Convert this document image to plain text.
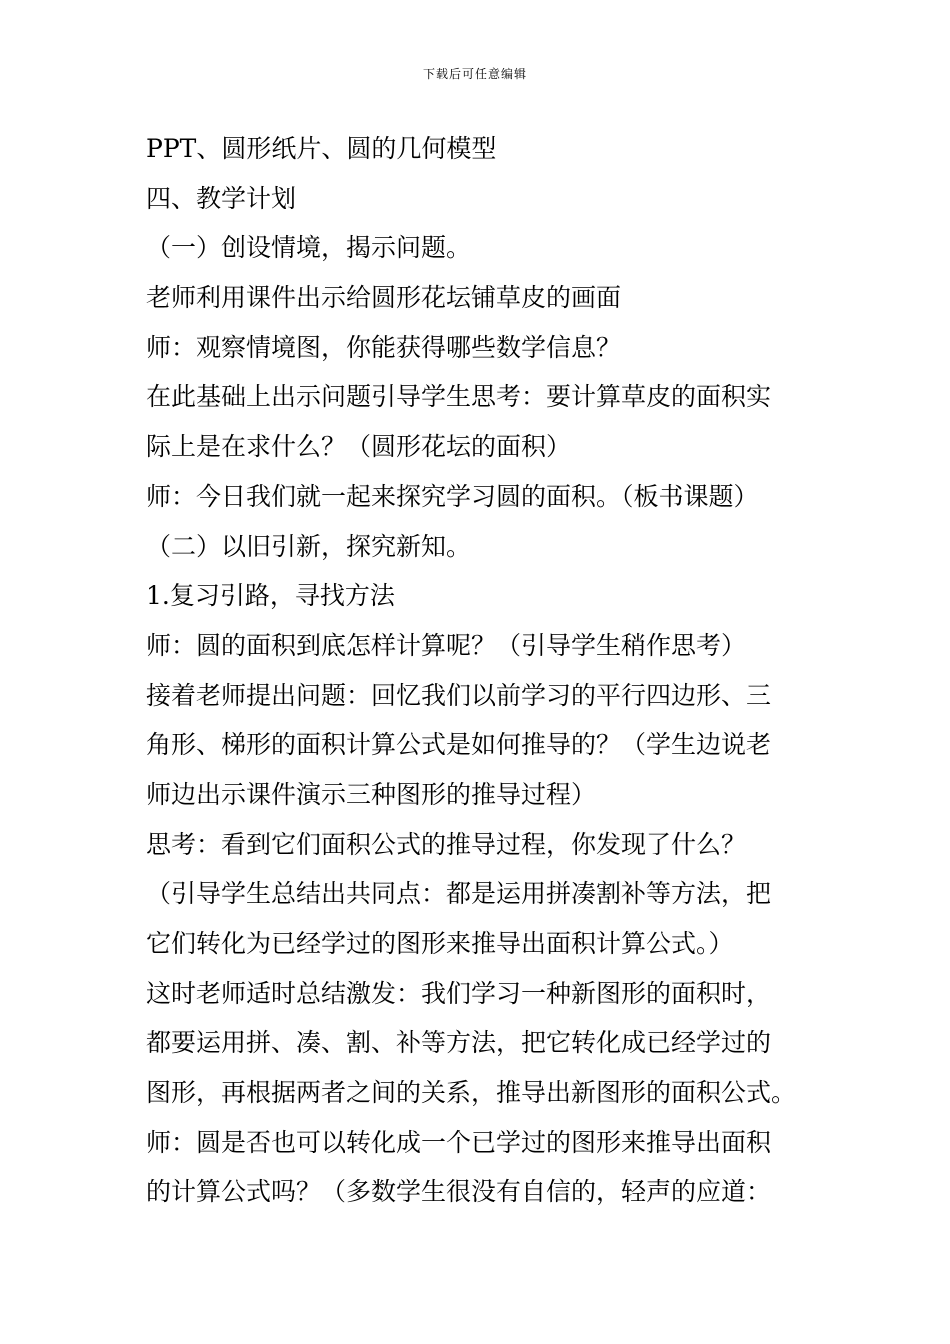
下载后可任意编辑
PPT、圆形纸片、圆的几何模型
四、教学计划
（一）创设情境，揭示问题。
老师利用课件出示给圆形花坛铺草皮的画面
师：观察情境图，你能获得哪些数学信息？
在此基础上出示问题引导学生思考：要计算草皮的面积实
际上是在求什么？（圆形花坛的面积）
师：今日我们就一起来探究学习圆的面积。（板书课题）
（二）以旧引新，探究新知。
1.复习引路，寻找方法
师：圆的面积到底怎样计算呢？（引导学生稍作思考）
接着老师提出问题：回忆我们以前学习的平行四边形、三
角形、梯形的面积计算公式是如何推导的？（学生边说老
师边出示课件演示三种图形的推导过程）
思考：看到它们面积公式的推导过程，你发现了什么？
（引导学生总结出共同点：都是运用拼凑割补等方法，把
它们转化为已经学过的图形来推导出面积计算公式。）
这时老师适时总结激发：我们学习一种新图形的面积时，
都要运用拼、凑、割、补等方法，把它转化成已经学过的
图形，再根据两者之间的关系，推导出新图形的面积公式。
师：圆是否也可以转化成一个已学过的图形来推导出面积
的计算公式吗？（多数学生很没有自信的，轻声的应道：
